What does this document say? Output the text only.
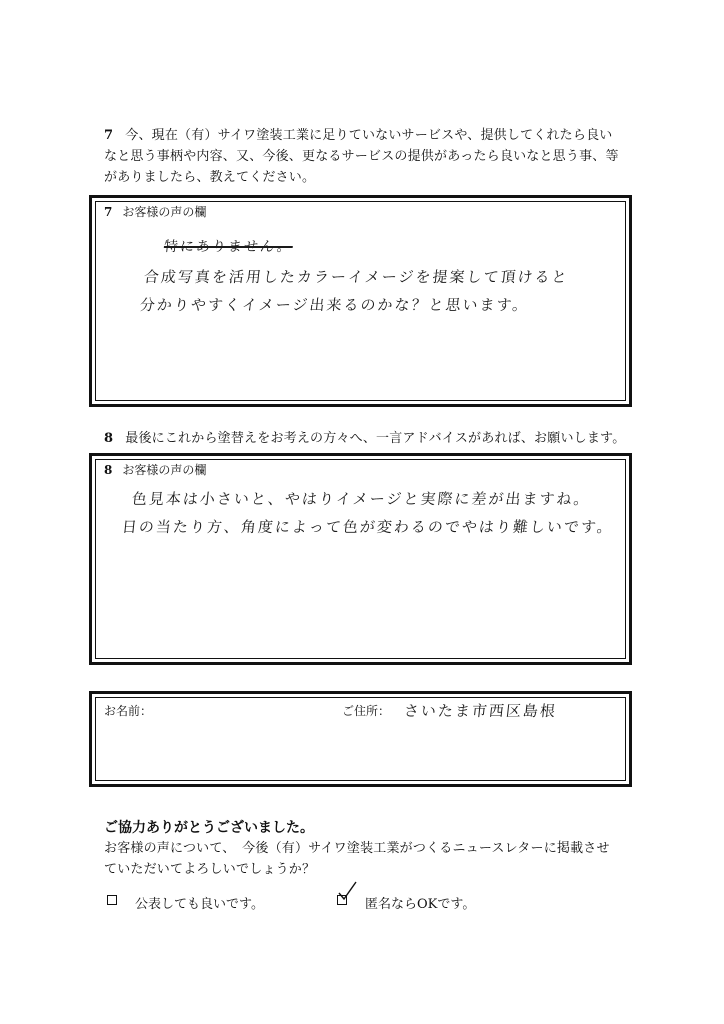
7 今、現在（有）サイワ塗装工業に足りていないサービスや、提供してくれたら良い
なと思う事柄や内容、又、今後、更なるサービスの提供があったら良いなと思う事、等
がありましたら、教えてください。
7 お客様の声の欄
特にありません。
合成写真を活用したカラーイメージを提案して頂けると
分かりやすくイメージ出来るのかな？と思います。
8 最後にこれから塗替えをお考えの方々へ、一言アドバイスがあれば、お願いします。
8 お客様の声の欄
色見本は小さいと、やはりイメージと実際に差が出ますね。
日の当たり方、角度によって色が変わるのでやはり難しいです。
お名前：	ご住所： さいたま市西区島根
ご協力ありがとうございました。
お客様の声について、　今後（有）サイワ塗装工業がつくるニュースレターに掲載させ
ていただいてよろしいでしょうか？
公表しても良いです。	匿名ならOKです。
